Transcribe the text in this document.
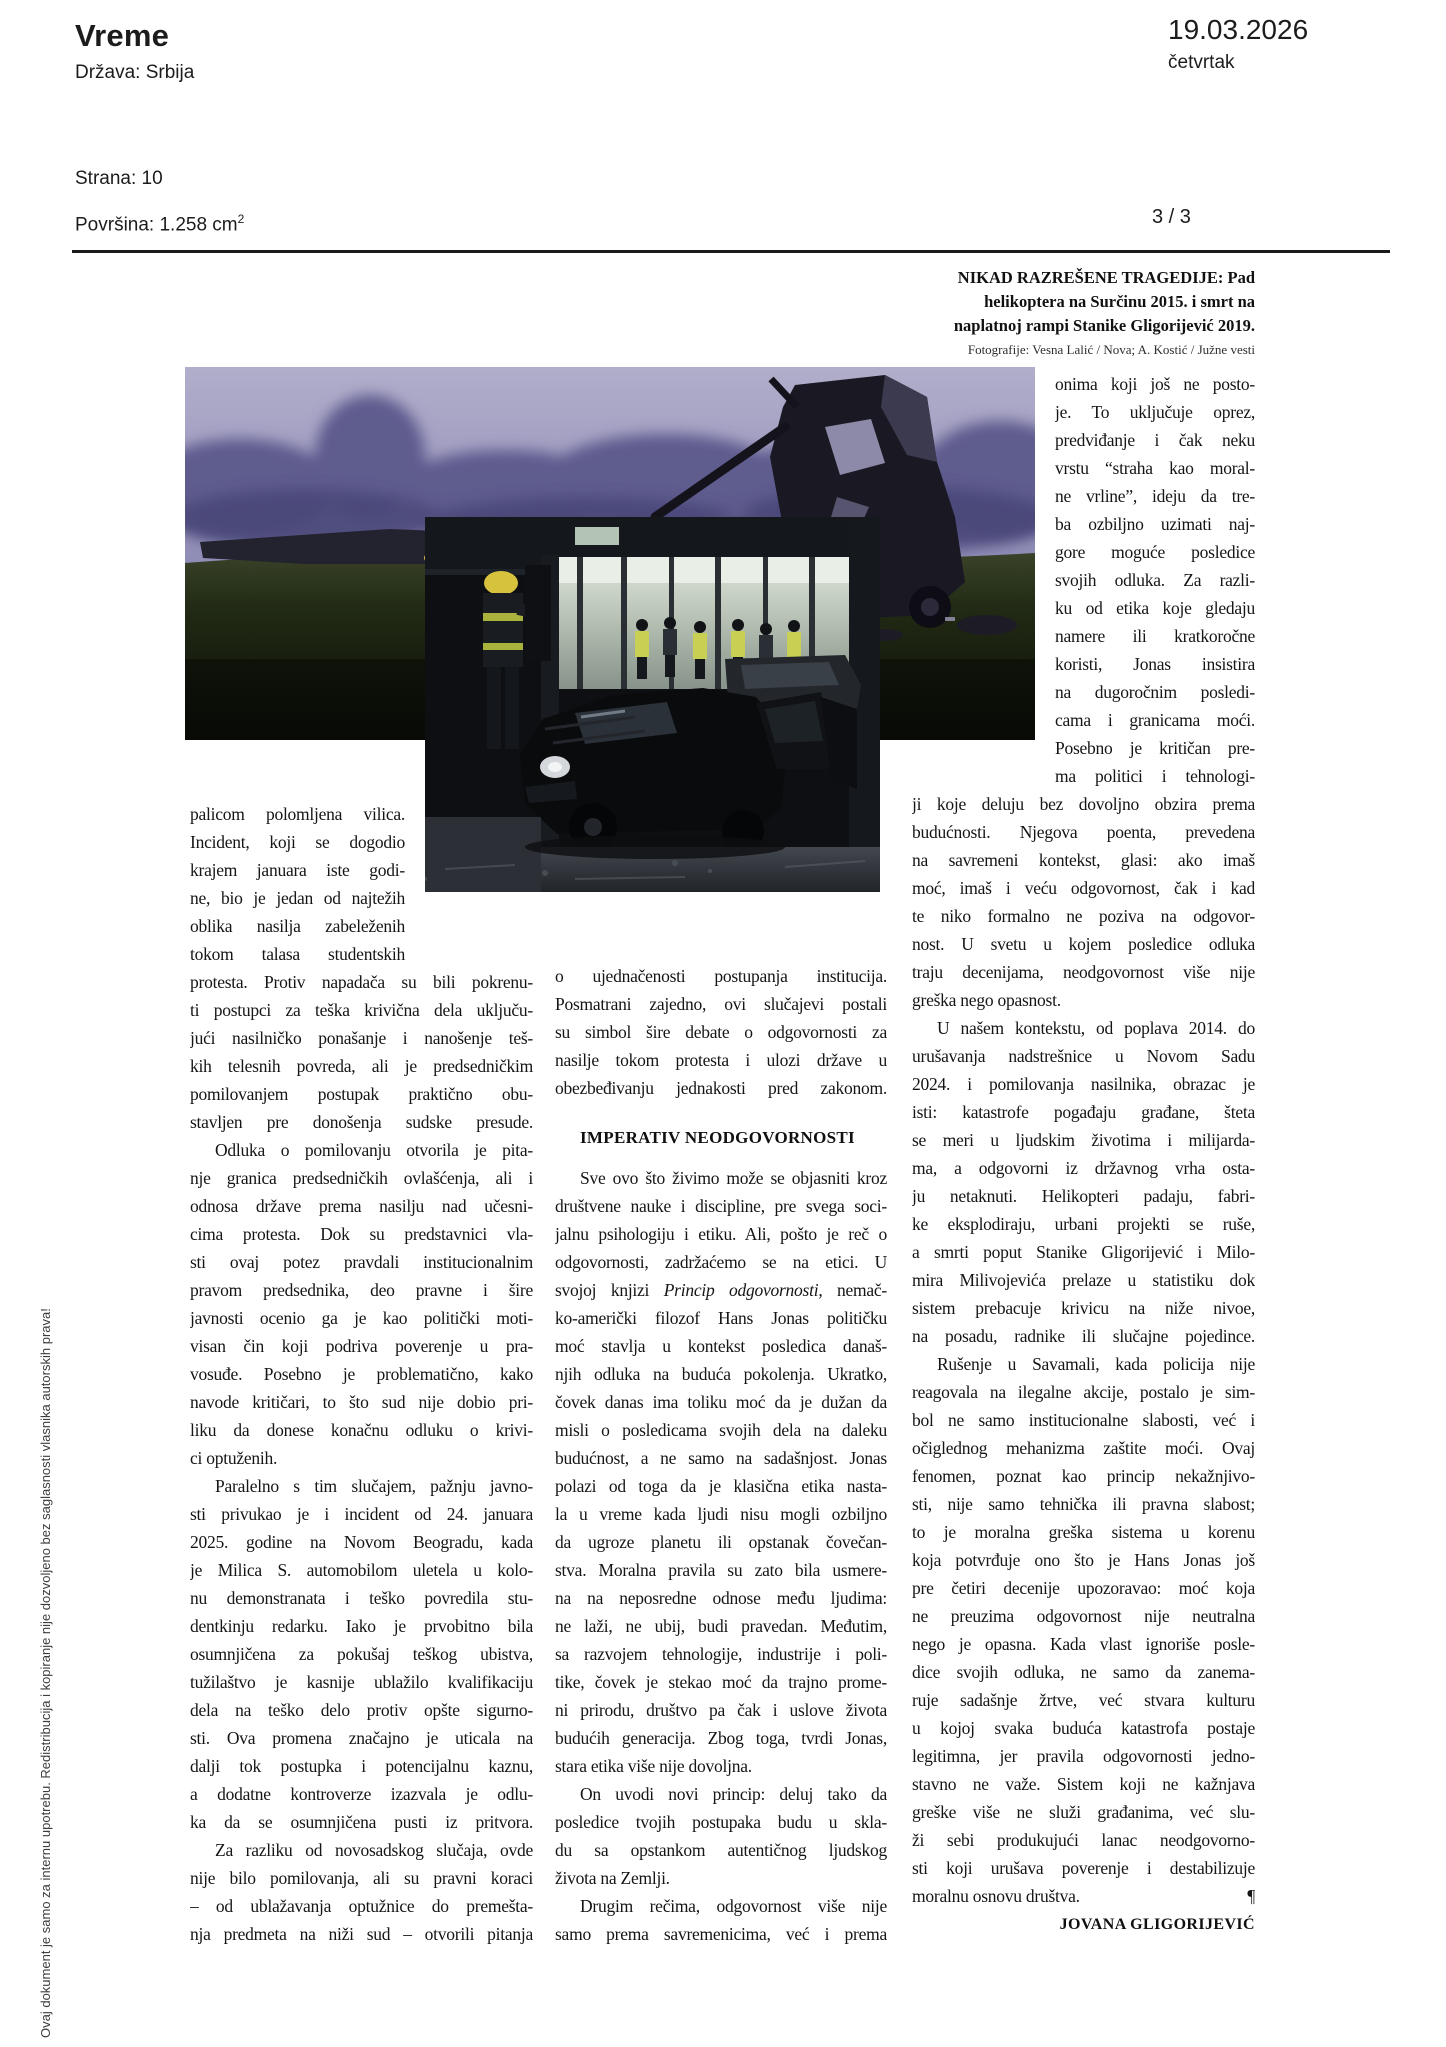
Vreme
Država: Srbija
19.03.2026
četvrtak
Strana: 10
Površina: 1.258 $cm^2$	3 / 3
NIKAD RAZREŠENE TRAGEDIJE: Pad
helikoptera na Surčinu 2015. i smrt na
naplatnoj rampi Stanike Gligorijević 2019.
Fotografije: Vesna Lalić / Nova; A. Kostić / Južne vesti
palicom polomljena vilica.
Incident, koji se dogodio
krajem januara iste godi-
ne, bio je jedan od najtežih
oblika nasilja zabeleženih
tokom talasa studentskih
protesta. Protiv napadača su bili pokrenu-
ti postupci za teška krivična dela uključu-
jući nasilničko ponašanje i nanošenje teš-
kih telesnih povreda, ali je predsedničkim
pomilovanjem postupak praktično obu-
stavljen pre donošenja sudske presude.
Odluka o pomilovanju otvorila je pita-
nje granica predsedničkih ovlašćenja, ali i
odnosa države prema nasilju nad učesni-
cima protesta. Dok su predstavnici vla-
sti ovaj potez pravdali institucionalnim
pravom predsednika, deo pravne i šire
javnosti ocenio ga je kao politički moti-
visan čin koji podriva poverenje u pra-
vosuđe. Posebno je problematično, kako
navode kritičari, to što sud nije dobio pri-
liku da donese konačnu odluku o krivi-
ci optuženih.
Paralelno s tim slučajem, pažnju javno-
sti privukao je i incident od 24. januara
2025. godine na Novom Beogradu, kada
je Milica S. automobilom uletela u kolo-
nu demonstranata i teško povredila stu-
dentkinju redarku. Iako je prvobitno bila
osumnjičena za pokušaj teškog ubistva,
tužilaštvo je kasnije ublažilo kvalifikaciju
dela na teško delo protiv opšte sigurno-
sti. Ova promena značajno je uticala na
dalji tok postupka i potencijalnu kaznu,
a dodatne kontroverze izazvala je odlu-
ka da se osumnjičena pusti iz pritvora.
Za razliku od novosadskog slučaja, ovde
nije bilo pomilovanja, ali su pravni koraci
– od ublažavanja optužnice do premešta-
nja predmeta na niži sud – otvorili pitanja
o ujednačenosti postupanja institucija.
Posmatrani zajedno, ovi slučajevi postali
su simbol šire debate o odgovornosti za
nasilje tokom protesta i ulozi države u
obezbeđivanju jednakosti pred zakonom.
IMPERATIV NEODGOVORNOSTI
Sve ovo što živimo može se objasniti kroz
društvene nauke i discipline, pre svega soci-
jalnu psihologiju i etiku. Ali, pošto je reč o
odgovornosti, zadržaćemo se na etici. U
svojoj knjizi Princip odgovornosti, nemač-
ko-američki filozof Hans Jonas političku
moć stavlja u kontekst posledica današ-
njih odluka na buduća pokolenja. Ukratko,
čovek danas ima toliku moć da je dužan da
misli o posledicama svojih dela na daleku
budućnost, a ne samo na sadašnjost. Jonas
polazi od toga da je klasična etika nasta-
la u vreme kada ljudi nisu mogli ozbiljno
da ugroze planetu ili opstanak čovečan-
stva. Moralna pravila su zato bila usmere-
na na neposredne odnose među ljudima:
ne laži, ne ubij, budi pravedan. Međutim,
sa razvojem tehnologije, industrije i poli-
tike, čovek je stekao moć da trajno prome-
ni prirodu, društvo pa čak i uslove života
budućih generacija. Zbog toga, tvrdi Jonas,
stara etika više nije dovoljna.
On uvodi novi princip: deluj tako da
posledice tvojih postupaka budu u skla-
du sa opstankom autentičnog ljudskog
života na Zemlji.
Drugim rečima, odgovornost više nije
samo prema savremenicima, već i prema
onima koji još ne posto-
je. To uključuje oprez,
predviđanje i čak neku
vrstu “straha kao moral-
ne vrline”, ideju da tre-
ba ozbiljno uzimati naj-
gore moguće posledice
svojih odluka. Za razli-
ku od etika koje gledaju
namere ili kratkoročne
koristi, Jonas insistira
na dugoročnim posledi-
cama i granicama moći.
Posebno je kritičan pre-
ma politici i tehnologi-
ji koje deluju bez dovoljno obzira prema
budućnosti. Njegova poenta, prevedena
na savremeni kontekst, glasi: ako imaš
moć, imaš i veću odgovornost, čak i kad
te niko formalno ne poziva na odgovor-
nost. U svetu u kojem posledice odluka
traju decenijama, neodgovornost više nije
greška nego opasnost.
U našem kontekstu, od poplava 2014. do
urušavanja nadstrešnice u Novom Sadu
2024. i pomilovanja nasilnika, obrazac je
isti: katastrofe pogađaju građane, šteta
se meri u ljudskim životima i milijarda-
ma, a odgovorni iz državnog vrha osta-
ju netaknuti. Helikopteri padaju, fabri-
ke eksplodiraju, urbani projekti se ruše,
a smrti poput Stanike Gligorijević i Milo-
mira Milivojevića prelaze u statistiku dok
sistem prebacuje krivicu na niže nivoe,
na posadu, radnike ili slučajne pojedince.
Rušenje u Savamali, kada policija nije
reagovala na ilegalne akcije, postalo je sim-
bol ne samo institucionalne slabosti, već i
očiglednog mehanizma zaštite moći. Ovaj
fenomen, poznat kao princip nekažnjivo-
sti, nije samo tehnička ili pravna slabost;
to je moralna greška sistema u korenu
koja potvrđuje ono što je Hans Jonas još
pre četiri decenije upozoravao: moć koja
ne preuzima odgovornost nije neutralna
nego je opasna. Kada vlast ignoriše posle-
dice svojih odluka, ne samo da zanema-
ruje sadašnje žrtve, već stvara kulturu
u kojoj svaka buduća katastrofa postaje
legitimna, jer pravila odgovornosti jedno-
stavno ne važe. Sistem koji ne kažnjava
greške više ne služi građanima, već slu-
ži sebi produkujući lanac neodgovorno-
sti koji urušava poverenje i destabilizuje
moralnu osnovu društva.	¶
JOVANA GLIGORIJEVIĆ
Ovaj dokument je samo za internu upotrebu. Redistribucija i kopiranje nije dozvoljeno bez saglasnosti vlasnika autorskih prava!
